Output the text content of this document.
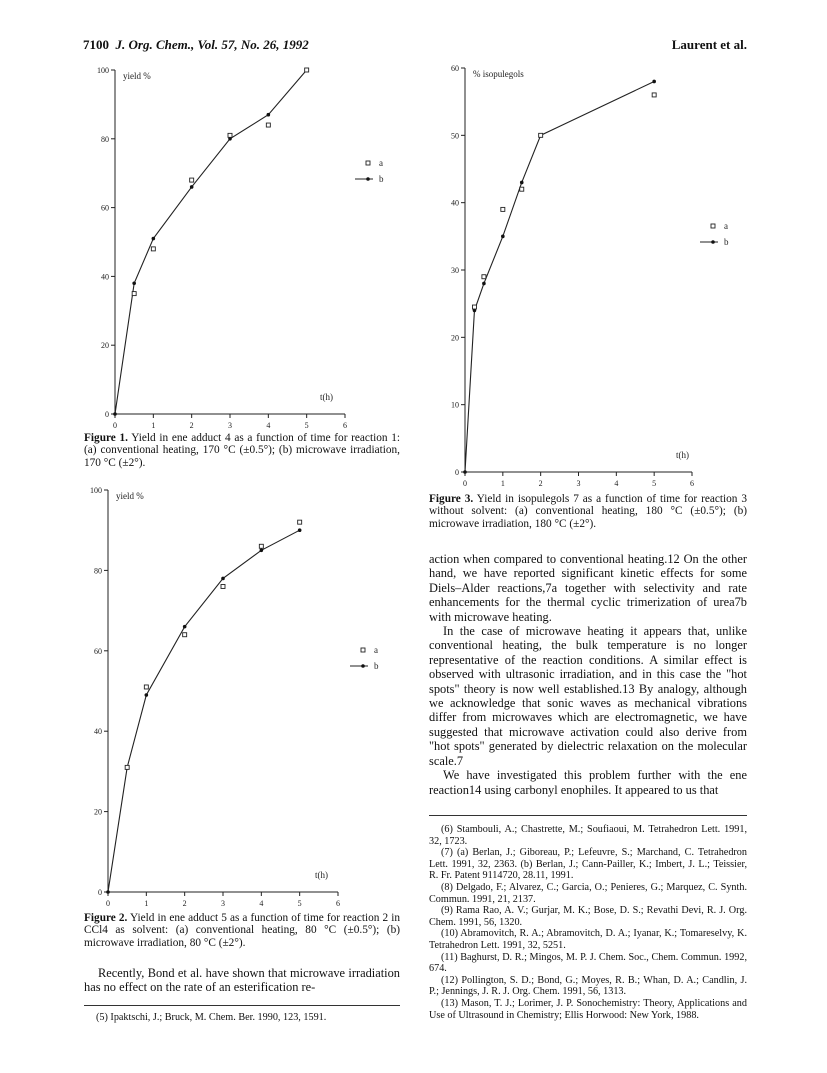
7100 J. Org. Chem., Vol. 57, No. 26, 1992	Laurent et al.
0
20
40
60
80
100
0	1	2	3	4	5	6
yield %
t(h)
a
b
Figure 1. Yield in ene adduct 4 as a function of time for reaction 1: (a) conventional heating, 170 °C (±0.5°); (b) microwave irradiation, 170 °C (±2°).
0
20
40
60
80
100
0	1	2	3	4	5	6
yield %
t(h)
a
b
Figure 2. Yield in ene adduct 5 as a function of time for reaction 2 in CCl4 as solvent: (a) conventional heating, 80 °C (±0.5°); (b) microwave irradiation, 80 °C (±2°).

Recently, Bond et al. have shown that microwave irradiation has no effect on the rate of an esterification re-

(5) Ipaktschi, J.; Bruck, M. Chem. Ber. 1990, 123, 1591.
0
10
20
30
40
50
60
0	1	2	3	4	5	6
% isopulegols
t(h)
a
b
Figure 3. Yield in isopulegols 7 as a function of time for reaction 3 without solvent: (a) conventional heating, 180 °C (±0.5°); (b) microwave irradiation, 180 °C (±2°).

action when compared to conventional heating.12 On the other hand, we have reported significant kinetic effects for some Diels–Alder reactions,7a together with selectivity and rate enhancements for the thermal cyclic trimerization of urea7b with microwave heating.

In the case of microwave heating it appears that, unlike conventional heating, the bulk temperature is no longer representative of the reaction conditions. A similar effect is observed with ultrasonic irradiation, and in this case the "hot spots" theory is now well established.13 By analogy, although we acknowledge that sonic waves as mechanical vibrations differ from microwaves which are electromagnetic, we have suggested that microwave activation could also derive from "hot spots" generated by dielectric relaxation on the molecular scale.7

We have investigated this problem further with the ene reaction14 using carbonyl enophiles. It appeared to us that

(6) Stambouli, A.; Chastrette, M.; Soufiaoui, M. Tetrahedron Lett. 1991, 32, 1723.
(7) (a) Berlan, J.; Giboreau, P.; Lefeuvre, S.; Marchand, C. Tetrahedron Lett. 1991, 32, 2363. (b) Berlan, J.; Cann-Pailler, K.; Imbert, J. L.; Teissier, R. Fr. Patent 9114720, 28.11, 1991.
(8) Delgado, F.; Alvarez, C.; Garcia, O.; Penieres, G.; Marquez, C. Synth. Commun. 1991, 21, 2137.
(9) Rama Rao, A. V.; Gurjar, M. K.; Bose, D. S.; Revathi Devi, R. J. Org. Chem. 1991, 56, 1320.
(10) Abramovitch, R. A.; Abramovitch, D. A.; Iyanar, K.; Tomareselvy, K. Tetrahedron Lett. 1991, 32, 5251.
(11) Baghurst, D. R.; Mingos, M. P. J. Chem. Soc., Chem. Commun. 1992, 674.
(12) Pollington, S. D.; Bond, G.; Moyes, R. B.; Whan, D. A.; Candlin, J. P.; Jennings, J. R. J. Org. Chem. 1991, 56, 1313.
(13) Mason, T. J.; Lorimer, J. P. Sonochemistry: Theory, Applications and Use of Ultrasound in Chemistry; Ellis Horwood: New York, 1988.
